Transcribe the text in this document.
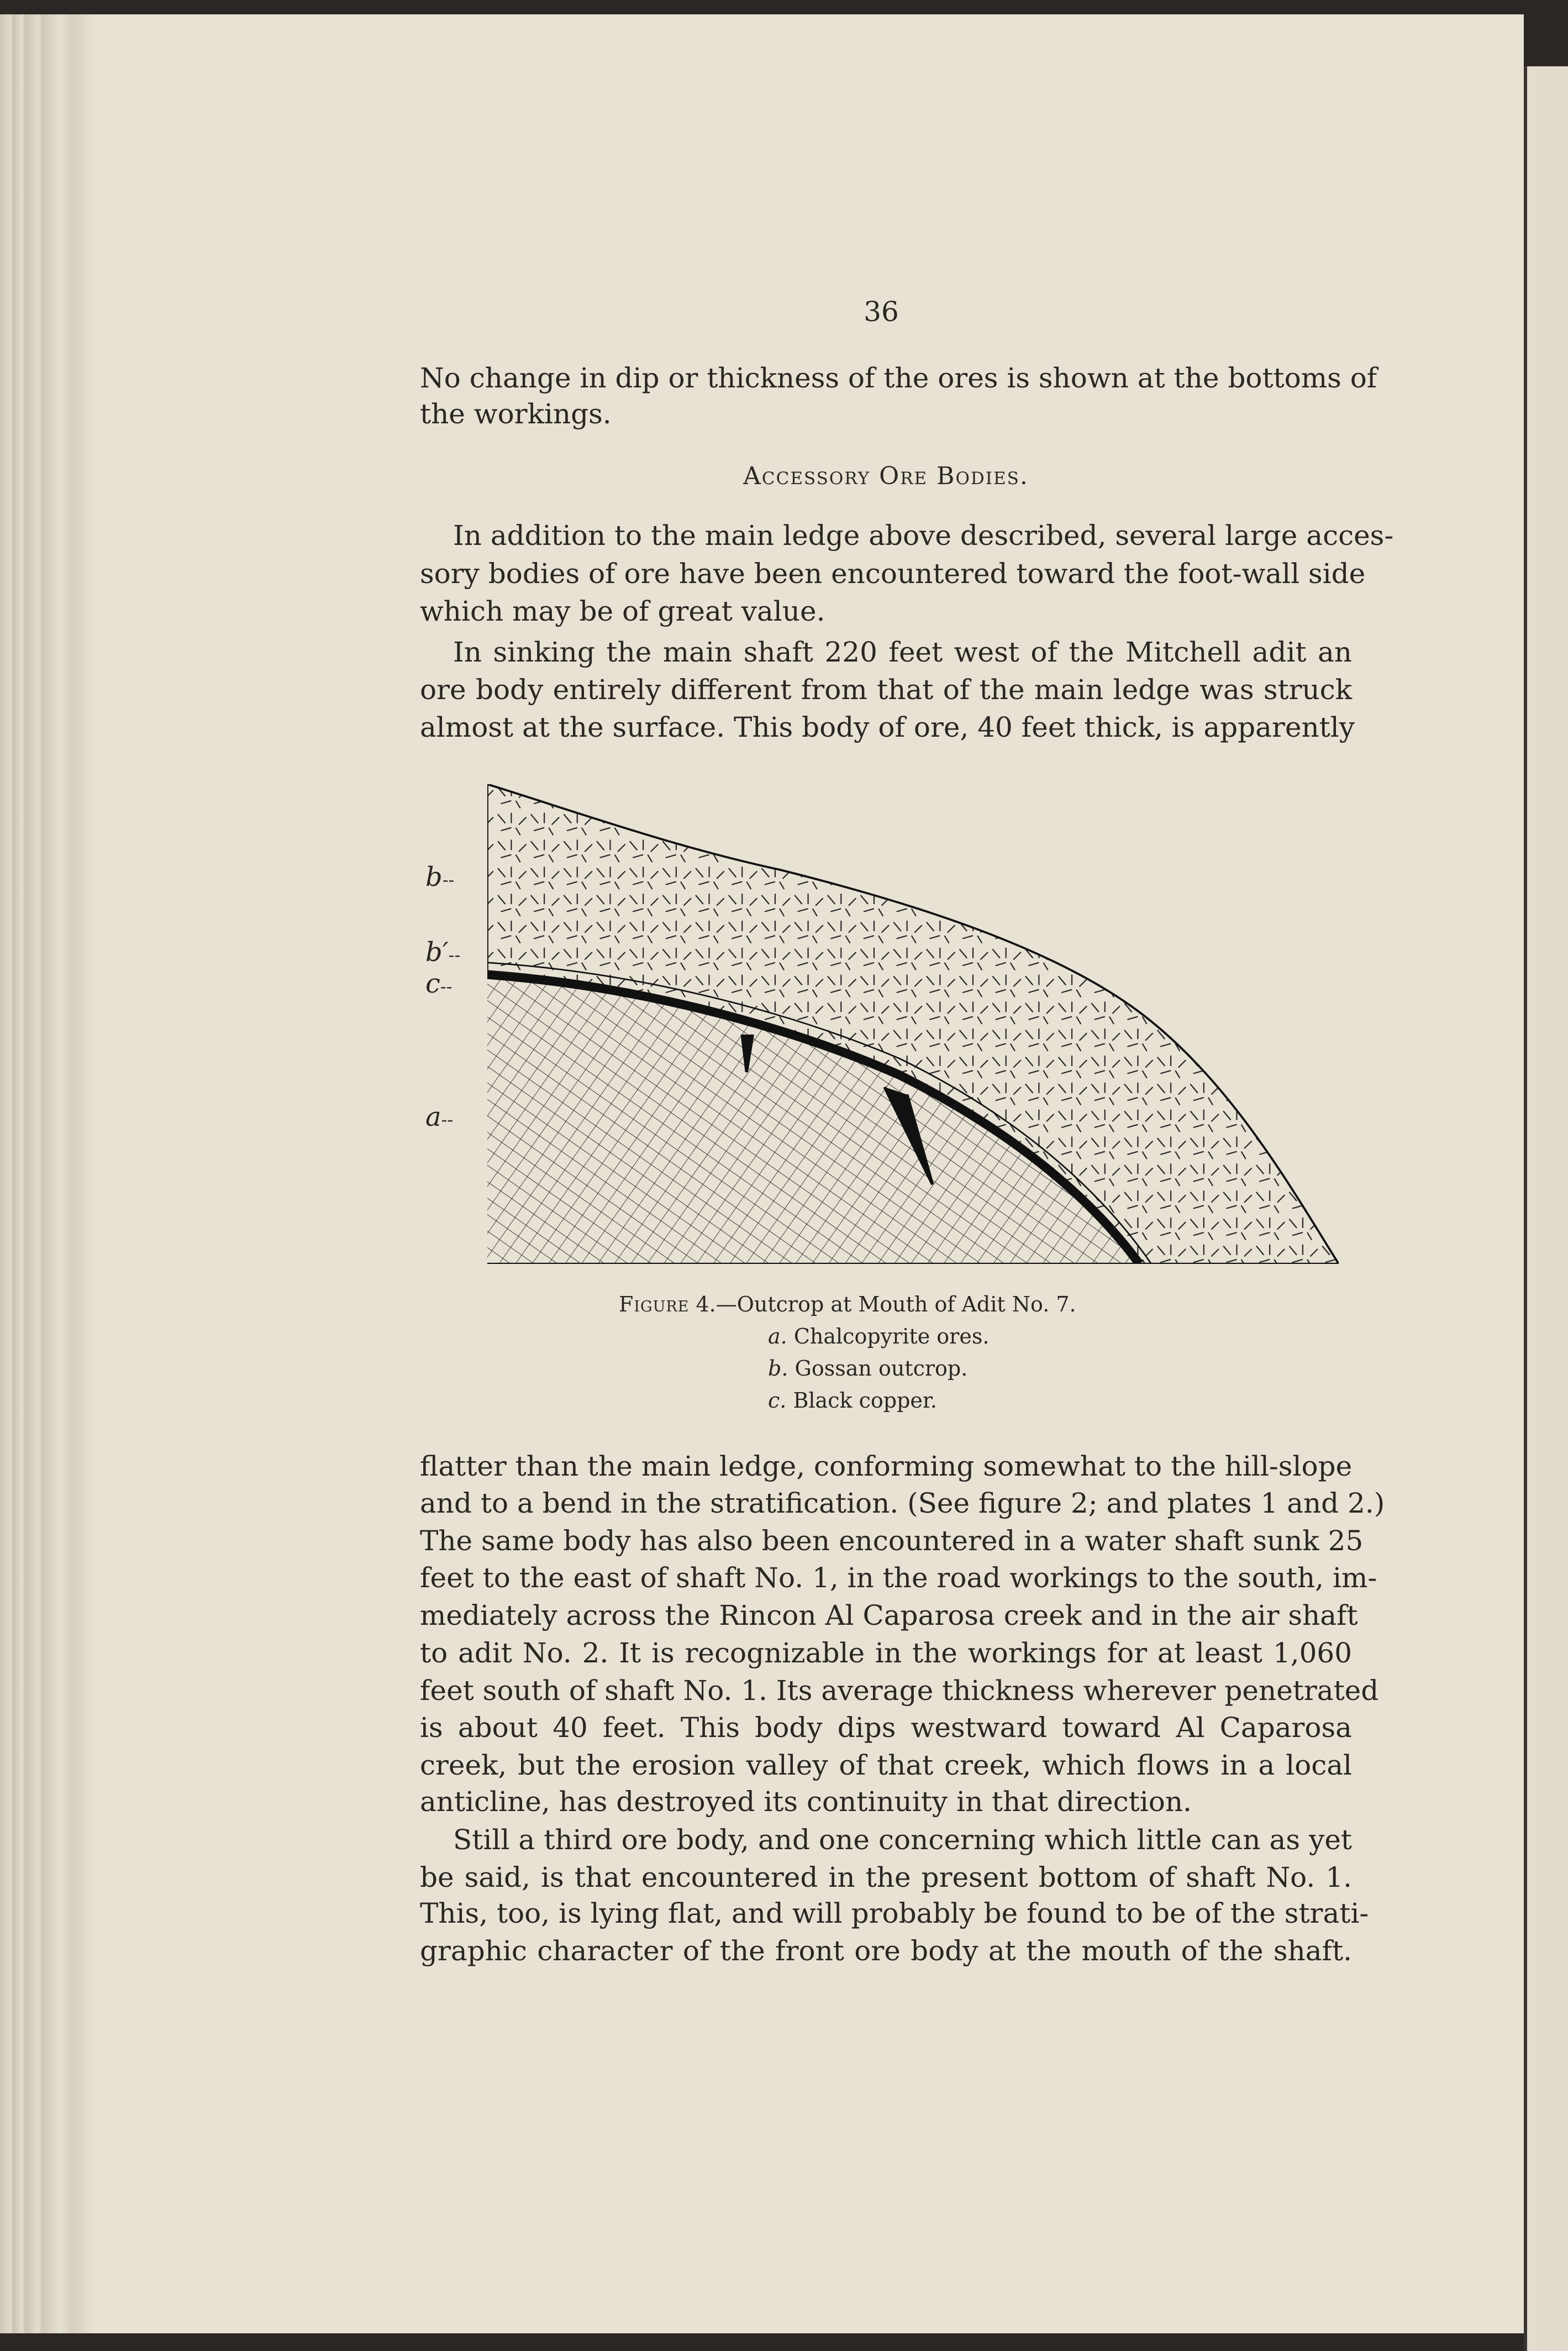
36
No change in dip or thickness of the ores is shown at the bottoms of
the workings.
Accessory Ore Bodies.
In addition to the main ledge above described, several large acces-
sory bodies of ore have been encountered toward the foot-wall side
which may be of great value.
In sinking the main shaft 220 feet west of the Mitchell adit an
ore body entirely different from that of the main ledge was struck
almost at the surface. This body of ore, 40 feet thick, is apparently
b--
b′--
c--
a--
Figure 4.—Outcrop at Mouth of Adit No. 7.
a. Chalcopyrite ores.
b. Gossan outcrop.
c. Black copper.
flatter than the main ledge, conforming somewhat to the hill-slope
and to a bend in the stratification. (See figure 2; and plates 1 and 2.)
The same body has also been encountered in a water shaft sunk 25
feet to the east of shaft No. 1, in the road workings to the south, im-
mediately across the Rincon Al Caparosa creek and in the air shaft
to adit No. 2. It is recognizable in the workings for at least 1,060
feet south of shaft No. 1. Its average thickness wherever penetrated
is about 40 feet. This body dips westward toward Al Caparosa
creek, but the erosion valley of that creek, which flows in a local
anticline, has destroyed its continuity in that direction.
Still a third ore body, and one concerning which little can as yet
be said, is that encountered in the present bottom of shaft No. 1.
This, too, is lying flat, and will probably be found to be of the strati-
graphic character of the front ore body at the mouth of the shaft.
